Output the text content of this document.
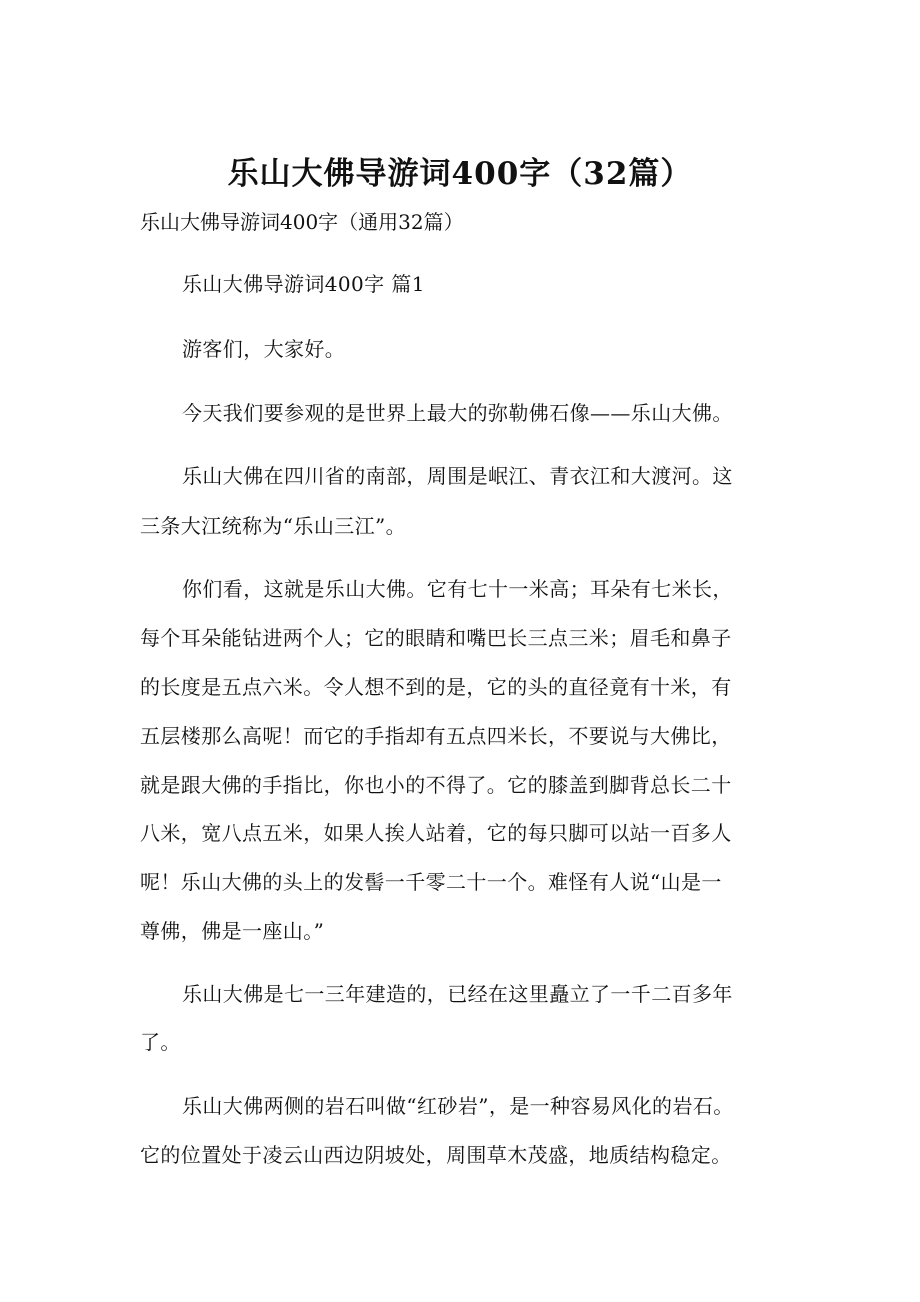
乐山大佛导游词400字（32篇）
乐山大佛导游词400字（通用32篇）
乐山大佛导游词400字 篇1
游客们，大家好。
今天我们要参观的是世界上最大的弥勒佛石像——乐山大佛。
乐山大佛在四川省的南部，周围是岷江、青衣江和大渡河。这
三条大江统称为“乐山三江”。
你们看，这就是乐山大佛。它有七十一米高；耳朵有七米长，
每个耳朵能钻进两个人；它的眼睛和嘴巴长三点三米；眉毛和鼻子
的长度是五点六米。令人想不到的是，它的头的直径竟有十米，有
五层楼那么高呢！而它的手指却有五点四米长，不要说与大佛比，
就是跟大佛的手指比，你也小的不得了。它的膝盖到脚背总长二十
八米，宽八点五米，如果人挨人站着，它的每只脚可以站一百多人
呢！乐山大佛的头上的发髻一千零二十一个。难怪有人说“山是一
尊佛，佛是一座山。”
乐山大佛是七一三年建造的，已经在这里矗立了一千二百多年
了。
乐山大佛两侧的岩石叫做“红砂岩”，是一种容易风化的岩石。
它的位置处于凌云山西边阴坡处，周围草木茂盛，地质结构稳定。
